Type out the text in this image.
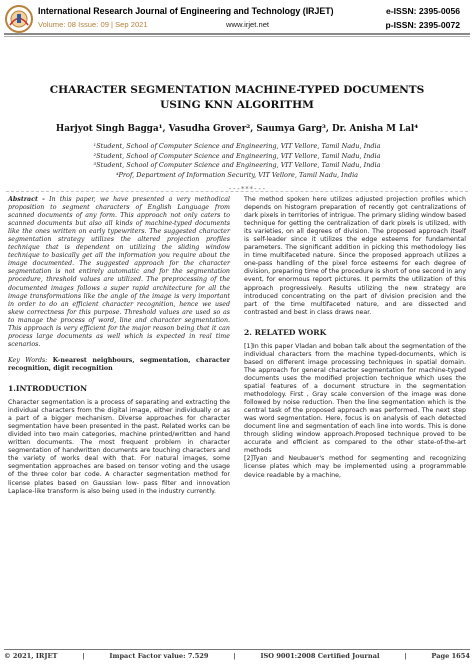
International Research Journal of Engineering and Technology (IRJET)
Volume: 08 Issue: 09 | Sep 2021	www.irjet.net
e-ISSN: 2395-0056
p-ISSN: 2395-0072
CHARACTER SEGMENTATION MACHINE-TYPED DOCUMENTS USING KNN ALGORITHM
Harjyot Singh Bagga¹, Vasudha Grover², Saumya Garg³, Dr. Anisha M Lal⁴
¹Student, School of Computer Science and Engineering, VIT Vellore, Tamil Nadu, India
²Student, School of Computer Science and Engineering, VIT Vellore, Tamil Nadu, India
³Student, School of Computer Science and Engineering, VIT Vellore, Tamil Nadu, India
⁴Prof, Department of Information Security, VIT Vellore, Tamil Nadu, India
---***---

Abstract - In this paper, we have presented a very methodical proposition to segment characters of English Language from scanned documents of any form. This approach not only caters to scanned documents but also all kinds of machine-typed documents like the ones written on early typewriters. The suggested character segmentation strategy utilizes the altered projection profiles technique that is dependent on utilizing the sliding window technique to basically get all the information you require about the image documented. The suggested approach for the character segmentation is not entirely automatic and for the segmentation procedure, threshold values are utilized. The preprocessing of the documented images follows a super rapid architecture for all the image transformations like the angle of the image is very important in order to do an efficient character recognition, hence we used skew correctness for this purpose. Threshold values are used so as to manage the process of word, line and character segmentation. This approach is very efficient for the major reason being that it can process large documents as well which is expected in real time scenarios.

Key Words: K-nearest neighbours, segmentation, character recognition, digit recognition

1.INTRODUCTION

Character segmentation is a process of separating and extracting the individual characters from the digital image, either individually or as a part of a bigger mechanism. Diverse approaches for character segmentation have been presented in the past. Related works can be divided into two main categories, machine printed/written and hand written documents. The most frequent problem in character segmentation of handwritten documents are touching characters and the variety of works deal with that. For natural images, some segmentation approaches are based on tensor voting and the usage of the three color bar code. A character segmentation method for license plates based on Gaussian low- pass filter and innovation Laplace-like transform is also being used in the industry currently.

The method spoken here utilizes adjusted projection profiles which depends on histogram preparation of recently got centralizations of dark pixels in territories of intrigue. The primary sliding window based technique for getting the centralization of dark pixels is utilized, with its varieties, on all degrees of division. The proposed approach itself is self-leader since it utilizes the edge esteems for fundamental parameters. The significant addition in picking this methodology lies in time multifaceted nature. Since the proposed approach utilizes a one-pass handling of the pixel force esteems for each degree of division, preparing time of the procedure is short of one second in any event, for enormous report pictures. It permits the utilization of this approach progressively. Results utilizing the new strategy are introduced concentrating on the part of division precision and the part of the time multifaceted nature, and are dissected and contrasted and best in class draws near.

2. RELATED WORK

[1]In this paper Vladan and boban talk about the segmentation of the individual characters from the machine typed-documents, which is based on different image processing techniques in spatial domain. The approach for general character segmentation for machine-typed documents uses the modified projection technique which uses the spatial features of a document structure in the segmentation methodology. First , Gray scale conversion of the image was done followed by noise reduction. Then the line segmentation which is the central task of the proposed approach was performed. The next step was word segmentation. Here, focus is on analysis of each detected document line and segmentation of each line into words. This is done through sliding window approach.Proposed technique proved to be accurate and efficient as compared to the other state-of-the-art methods

[2]Tyan and Neubauer's method for segmenting and recognizing license plates which may be implemented using a programmable device readable by a machine,

© 2021, IRJET	|	Impact Factor value: 7.529	|	ISO 9001:2008 Certified Journal	|	Page 1654
